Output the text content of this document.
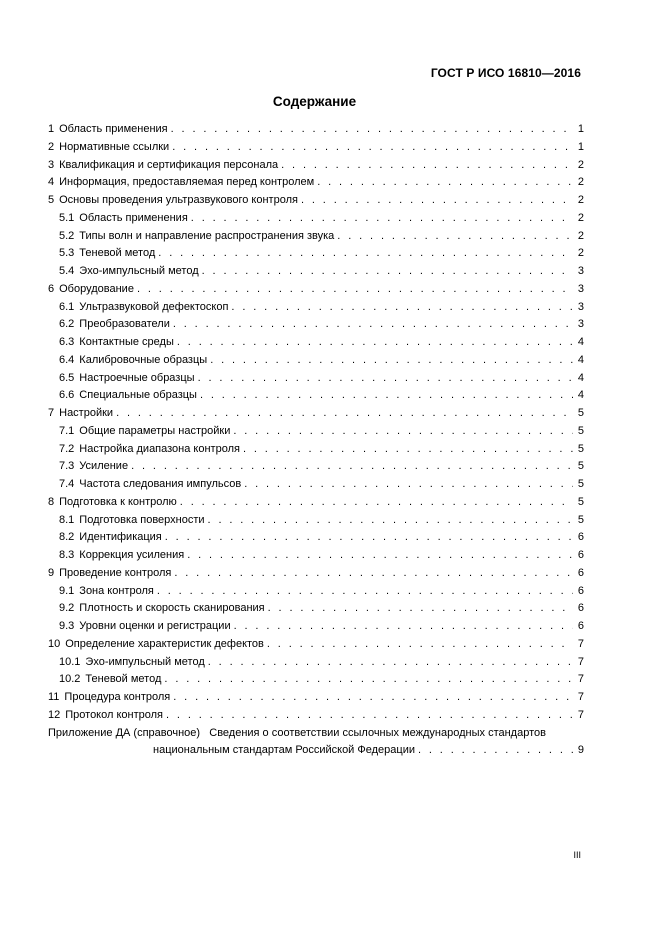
ГОСТ Р ИСО 16810—2016
Содержание
1 Область применения . . .	1
2 Нормативные ссылки . . .	1
3 Квалификация и сертификация персонала . . .	2
4 Информация, предоставляемая перед контролем . . .	2
5 Основы проведения ультразвукового контроля . . .	2
5.1 Область применения . . .	2
5.2 Типы волн и направление распространения звука . . .	2
5.3 Теневой метод . . .	2
5.4 Эхо-импульсный метод . . .	3
6 Оборудование . . .	3
6.1 Ультразвуковой дефектоскоп . . .	3
6.2 Преобразователи . . .	3
6.3 Контактные среды . . .	4
6.4 Калибровочные образцы . . .	4
6.5 Настроечные образцы . . .	4
6.6 Специальные образцы . . .	4
7 Настройки . . .	5
7.1 Общие параметры настройки . . .	5
7.2 Настройка диапазона контроля . . .	5
7.3 Усиление . . .	5
7.4 Частота следования импульсов . . .	5
8 Подготовка к контролю . . .	5
8.1 Подготовка поверхности . . .	5
8.2 Идентификация . . .	6
8.3 Коррекция усиления . . .	6
9 Проведение контроля . . .	6
9.1 Зона контроля . . .	6
9.2 Плотность и скорость сканирования . . .	6
9.3 Уровни оценки и регистрации . . .	6
10 Определение характеристик дефектов . . .	7
10.1 Эхо-импульсный метод . . .	7
10.2 Теневой метод . . .	7
11 Процедура контроля . . .	7
12 Протокол контроля . . .	7
Приложение ДА (справочное) Сведения о соответствии ссылочных международных стандартов
национальным стандартам Российской Федерации . . .	9
III
